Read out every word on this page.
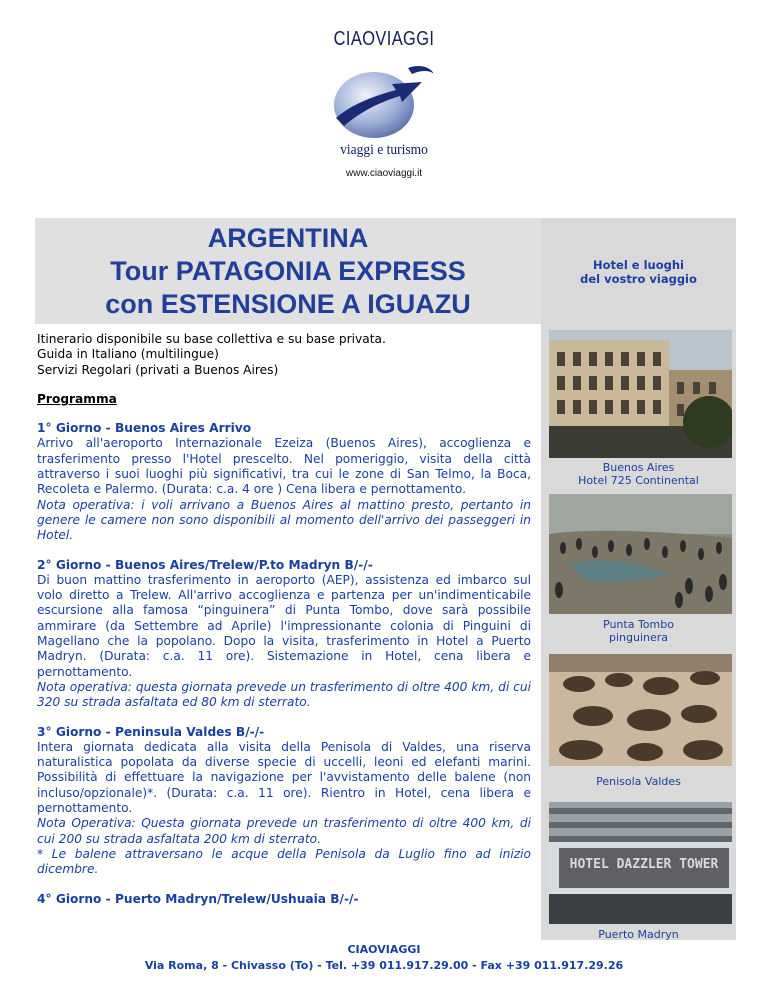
CIAOVIAGGI
viaggi e turismo
www.ciaoviaggi.it
ARGENTINA
Tour PATAGONIA EXPRESS
con ESTENSIONE A IGUAZU
Itinerario disponibile su base collettiva e su base privata.
Guida in Italiano (multilingue)
Servizi Regolari (privati a Buenos Aires)
Programma
1° Giorno - Buenos Aires Arrivo

Arrivo all'aeroporto Internazionale Ezeiza (Buenos Aires), accoglienza e trasferimento presso l'Hotel prescelto. Nel pomeriggio, visita della città attraverso i suoi luoghi più significativi, tra cui le zone di San Telmo, la Boca, Recoleta e Palermo. (Durata: c.a. 4 ore ) Cena libera e pernottamento.

Nota operativa: i voli arrivano a Buenos Aires al mattino presto, pertanto in genere le camere non sono disponibili al momento dell'arrivo dei passeggeri in Hotel.

2° Giorno - Buenos Aires/Trelew/P.to Madryn B/-/-

Di buon mattino trasferimento in aeroporto (AEP), assistenza ed imbarco sul volo diretto a Trelew. All'arrivo accoglienza e partenza per un'indimenticabile escursione alla famosa “pinguinera” di Punta Tombo, dove sarà possibile ammirare (da Settembre ad Aprile) l'impressionante colonia di Pinguini di Magellano che la popolano. Dopo la visita, trasferimento in Hotel a Puerto Madryn. (Durata: c.a. 11 ore). Sistemazione in Hotel, cena libera e pernottamento.

Nota operativa: questa giornata prevede un trasferimento di oltre 400 km, di cui 320 su strada asfaltata ed 80 km di sterrato.

3° Giorno - Peninsula Valdes B/-/-

Intera giornata dedicata alla visita della Penisola di Valdes, una riserva naturalistica popolata da diverse specie di uccelli, leoni ed elefanti marini. Possibilità di effettuare la navigazione per l'avvistamento delle balene (non incluso/opzionale)*. (Durata: c.a. 11 ore). Rientro in Hotel, cena libera e pernottamento.

Nota Operativa: Questa giornata prevede un trasferimento di oltre 400 km, di cui 200 su strada asfaltata 200 km di sterrato.

* Le balene attraversano le acque della Penisola da Luglio fino ad inizio dicembre.

4° Giorno - Puerto Madryn/Trelew/Ushuaia B/-/-
Hotel e luoghi
del vostro viaggio
Buenos Aires
Hotel 725 Continental
Punta Tombo
pinguinera
Penisola Valdes
HOTEL DAZZLER TOWER
Puerto Madryn
CIAOVIAGGI
Via Roma, 8 - Chivasso (To) - Tel. +39 011.917.29.00 - Fax +39 011.917.29.26
